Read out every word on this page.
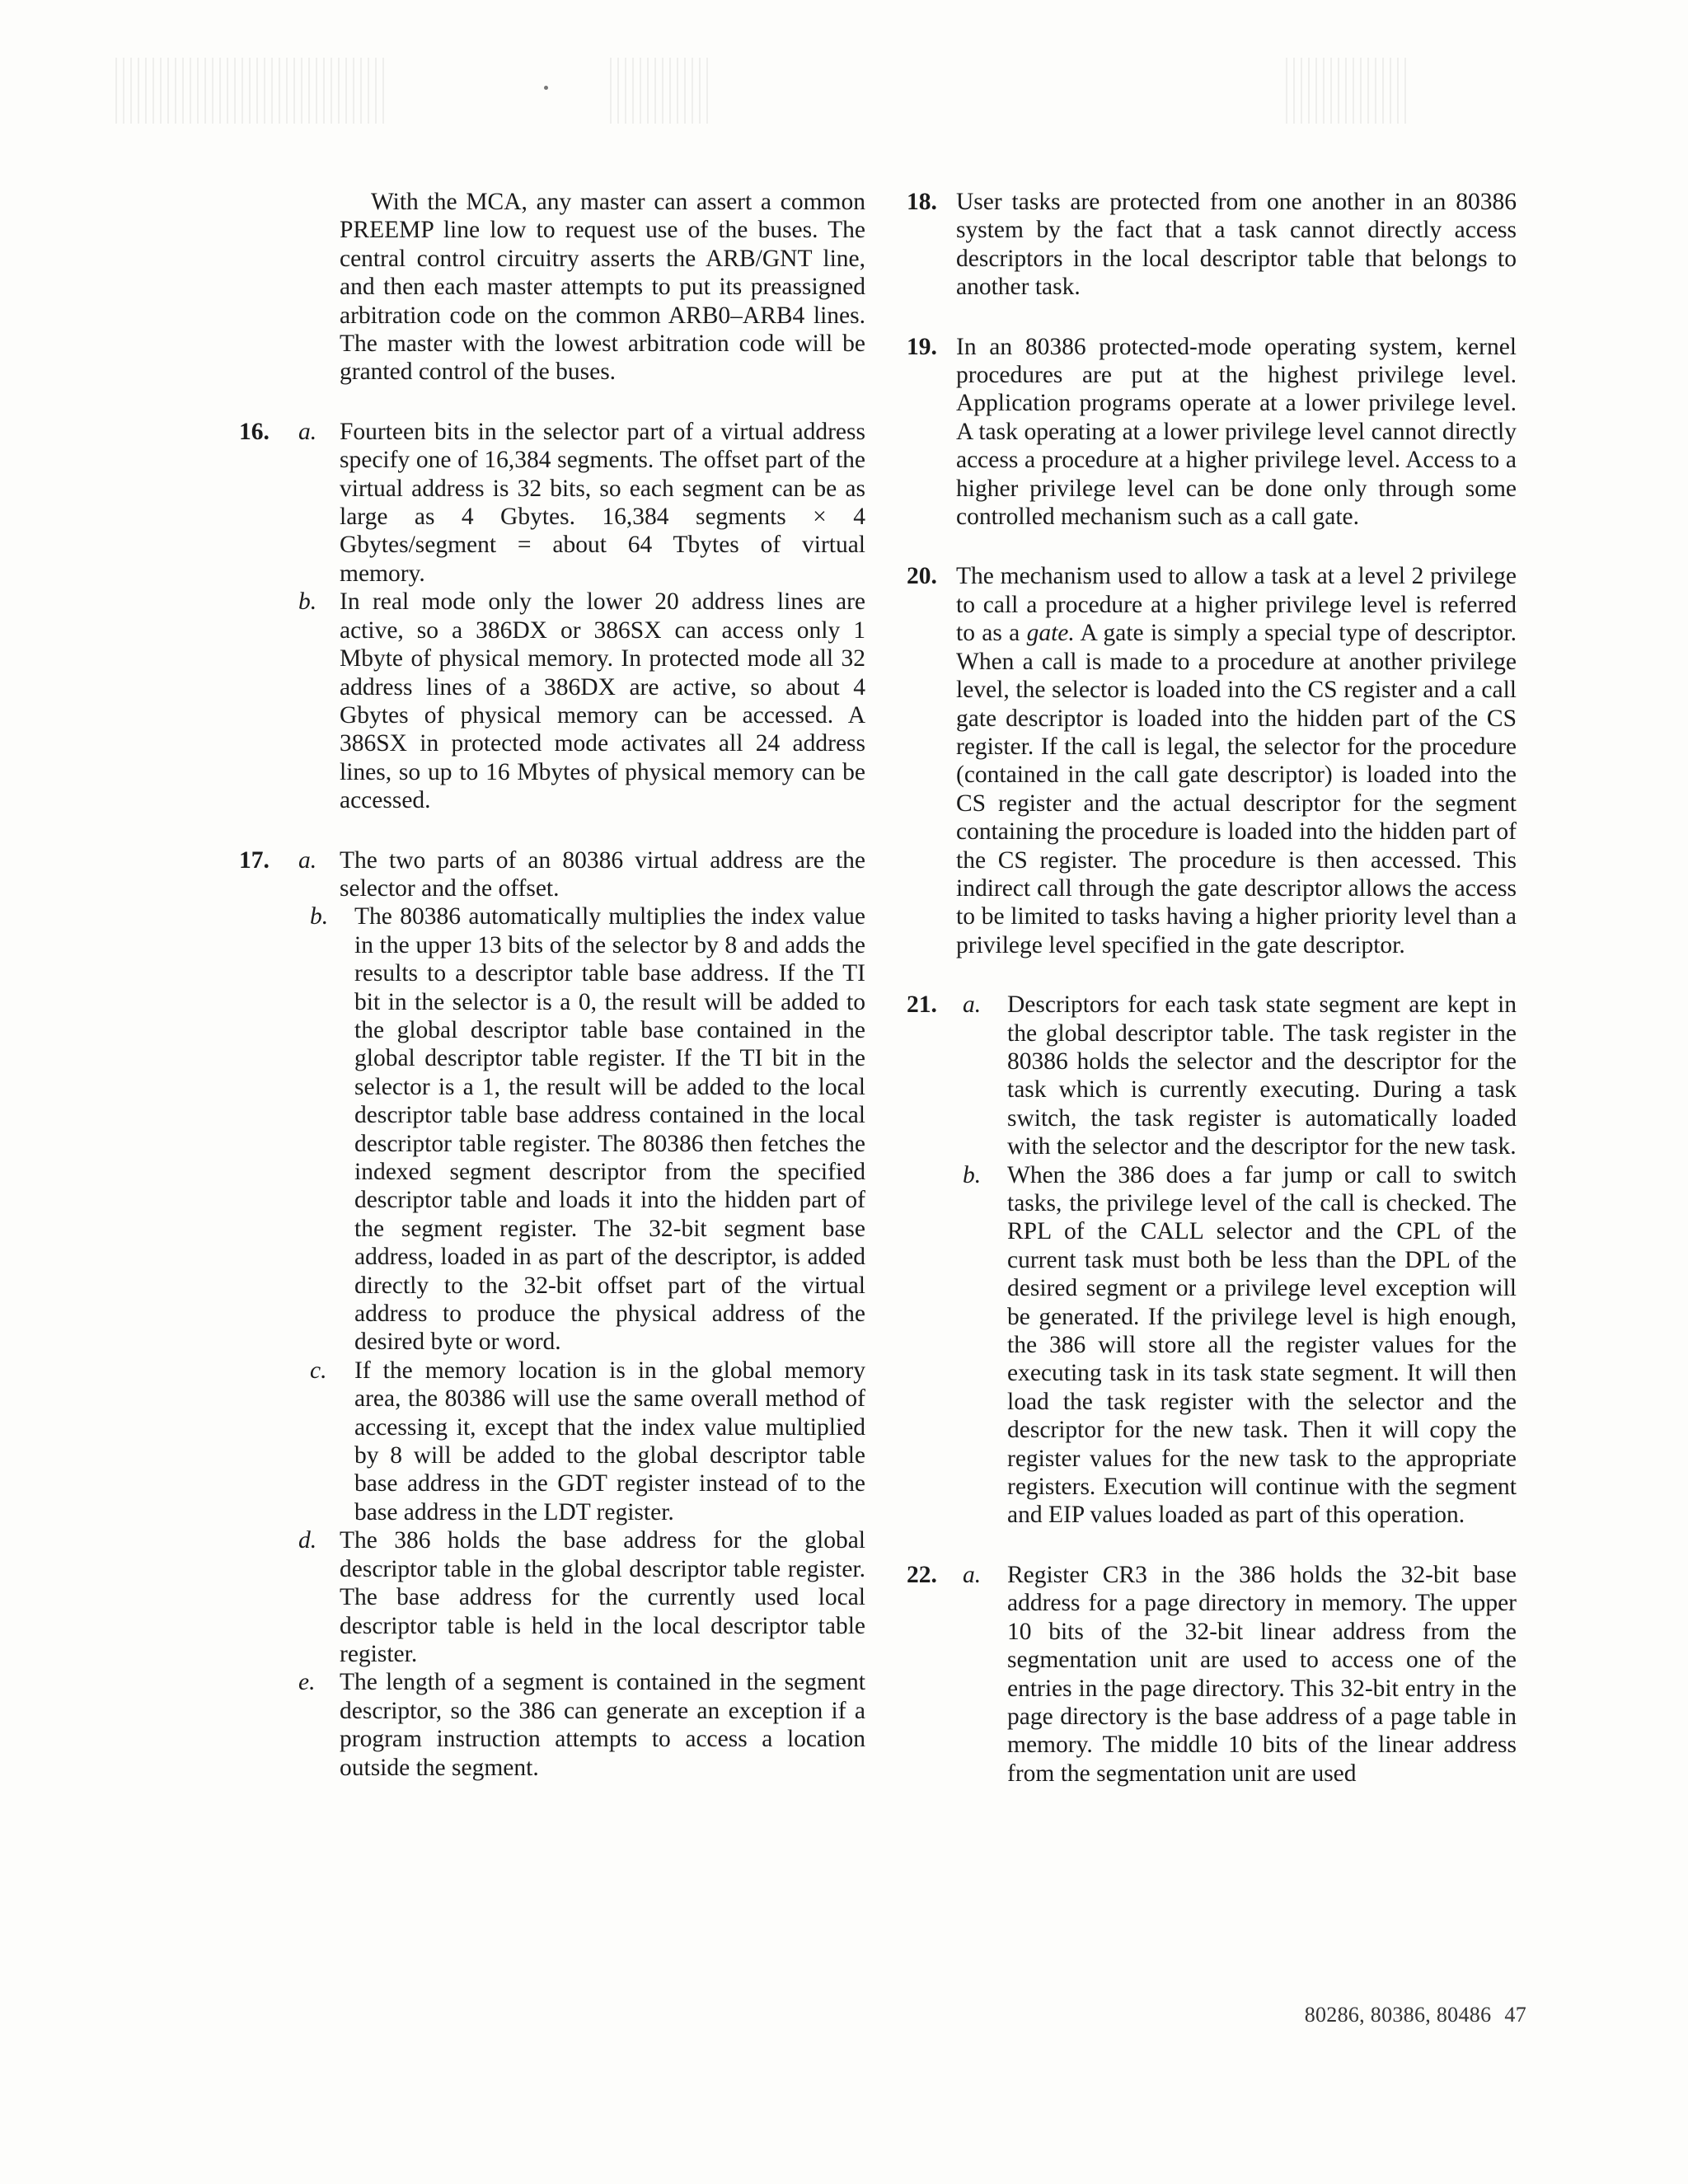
With the MCA, any master can assert a common PREEMP line low to request use of the buses. The central control circuitry asserts the ARB/GNT line, and then each master attempts to put its preassigned arbitration code on the common ARB0–ARB4 lines. The master with the lowest arbitration code will be granted control of the buses.

16.	a. Fourteen bits in the selector part of a virtual address specify one of 16,384 segments. The offset part of the virtual address is 32 bits, so each segment can be as large as 4 Gbytes. 16,384 segments × 4 Gbytes/segment = about 64 Tbytes of virtual memory.

b. In real mode only the lower 20 address lines are active, so a 386DX or 386SX can access only 1 Mbyte of physical memory. In protected mode all 32 address lines of a 386DX are active, so about 4 Gbytes of physical memory can be accessed. A 386SX in protected mode activates all 24 address lines, so up to 16 Mbytes of physical memory can be accessed.

17.	a. The two parts of an 80386 virtual address are the selector and the offset.

b. The 80386 automatically multiplies the index value in the upper 13 bits of the selector by 8 and adds the results to a descriptor table base address. If the TI bit in the selector is a 0, the result will be added to the global descriptor table base contained in the global descriptor table register. If the TI bit in the selector is a 1, the result will be added to the local descriptor table base address contained in the local descriptor table register. The 80386 then fetches the indexed segment descriptor from the specified descriptor table and loads it into the hidden part of the segment register. The 32-bit segment base address, loaded in as part of the descriptor, is added directly to the 32-bit offset part of the virtual address to produce the physical address of the desired byte or word.

c. If the memory location is in the global memory area, the 80386 will use the same overall method of accessing it, except that the index value multiplied by 8 will be added to the global descriptor table base address in the GDT register instead of to the base address in the LDT register.

d. The 386 holds the base address for the global descriptor table in the global descriptor table register. The base address for the currently used local descriptor table is held in the local descriptor table register.

e. The length of a segment is contained in the segment descriptor, so the 386 can generate an exception if a program instruction attempts to access a location outside the segment.

18. User tasks are protected from one another in an 80386 system by the fact that a task cannot directly access descriptors in the local descriptor table that belongs to another task.

19. In an 80386 protected-mode operating system, kernel procedures are put at the highest privilege level. Application programs operate at a lower privilege level. A task operating at a lower privilege level cannot directly access a procedure at a higher privilege level. Access to a higher privilege level can be done only through some controlled mechanism such as a call gate.

20. The mechanism used to allow a task at a level 2 privilege to call a procedure at a higher privilege level is referred to as a gate. A gate is simply a special type of descriptor. When a call is made to a procedure at another privilege level, the selector is loaded into the CS register and a call gate descriptor is loaded into the hidden part of the CS register. If the call is legal, the selector for the procedure (contained in the call gate descriptor) is loaded into the CS register and the actual descriptor for the segment containing the procedure is loaded into the hidden part of the CS register. The procedure is then accessed. This indirect call through the gate descriptor allows the access to be limited to tasks having a higher priority level than a privilege level specified in the gate descriptor.

21.	a. Descriptors for each task state segment are kept in the global descriptor table. The task register in the 80386 holds the selector and the descriptor for the task which is currently executing. During a task switch, the task register is automatically loaded with the selector and the descriptor for the new task.

b. When the 386 does a far jump or call to switch tasks, the privilege level of the call is checked. The RPL of the CALL selector and the CPL of the current task must both be less than the DPL of the desired segment or a privilege level exception will be generated. If the privilege level is high enough, the 386 will store all the register values for the executing task in its task state segment. It will then load the task register with the selector and the descriptor for the new task. Then it will copy the register values for the new task to the appropriate registers. Execution will continue with the segment and EIP values loaded as part of this operation.

22.	a. Register CR3 in the 386 holds the 32-bit base address for a page directory in memory. The upper 10 bits of the 32-bit linear address from the segmentation unit are used to access one of the entries in the page directory. This 32-bit entry in the page directory is the base address of a page table in memory. The middle 10 bits of the linear address from the segmentation unit are used

80286, 80386, 80486 47
